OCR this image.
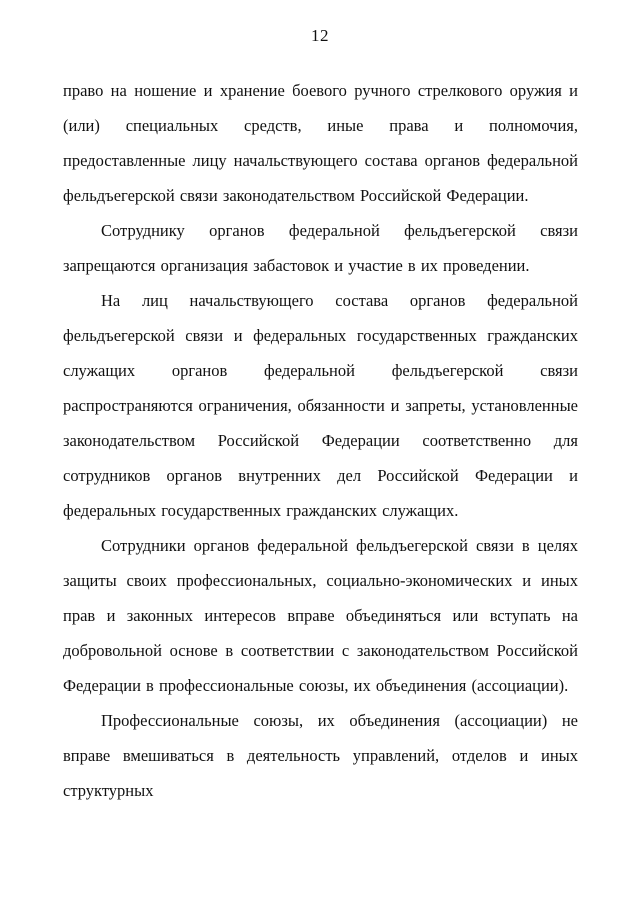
12

право на ношение и хранение боевого ручного стрелкового оружия и (или) специальных средств, иные права и полномочия, предоставленные лицу начальствующего состава органов федеральной фельдъегерской связи законодательством Российской Федерации.

Сотруднику органов федеральной фельдъегерской связи запрещаются организация забастовок и участие в их проведении.

На лиц начальствующего состава органов федеральной фельдъегерской связи и федеральных государственных гражданских служащих органов федеральной фельдъегерской связи распространяются ограничения, обязанности и запреты, установленные законодательством Российской Федерации соответственно для сотрудников органов внутренних дел Российской Федерации и федеральных государственных гражданских служащих.

Сотрудники органов федеральной фельдъегерской связи в целях защиты своих профессиональных, социально-экономических и иных прав и законных интересов вправе объединяться или вступать на добровольной основе в соответствии с законодательством Российской Федерации в профессиональные союзы, их объединения (ассоциации).

Профессиональные союзы, их объединения (ассоциации) не вправе вмешиваться в деятельность управлений, отделов и иных структурных
